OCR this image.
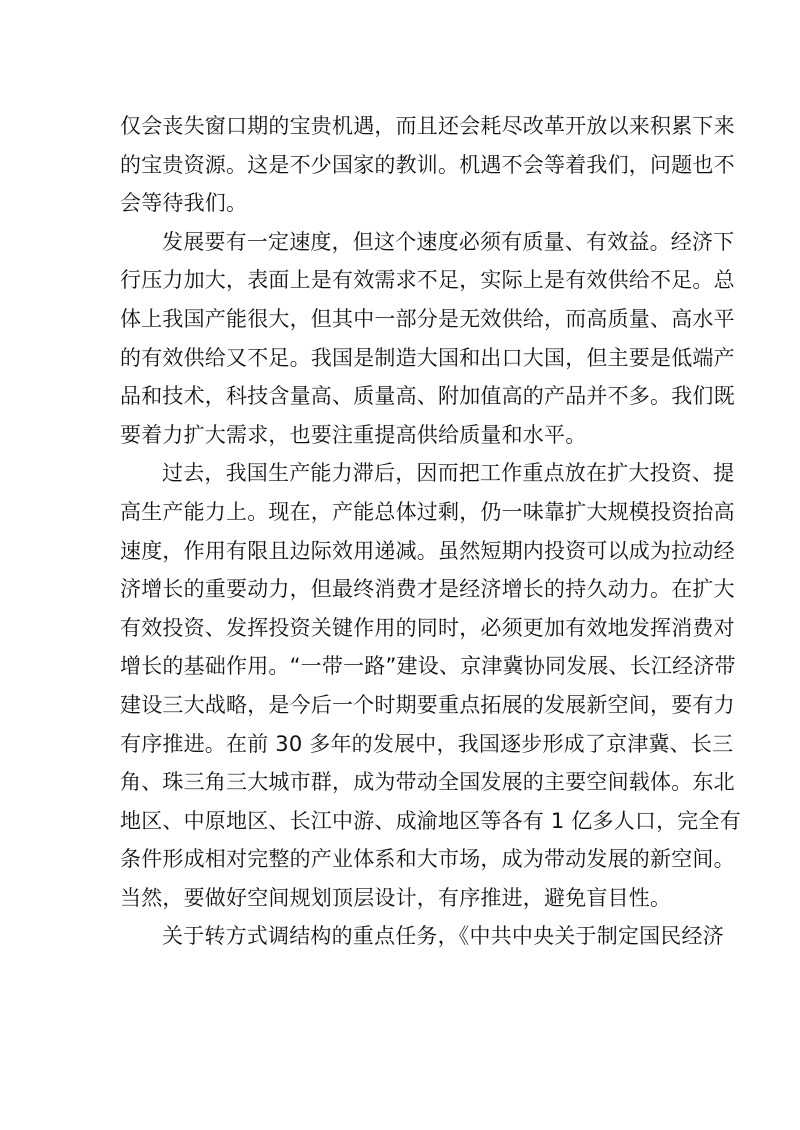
仅会丧失窗口期的宝贵机遇，而且还会耗尽改革开放以来积累下来
的宝贵资源。这是不少国家的教训。机遇不会等着我们，问题也不
会等待我们。
发展要有一定速度，但这个速度必须有质量、有效益。经济下
行压力加大，表面上是有效需求不足，实际上是有效供给不足。总
体上我国产能很大，但其中一部分是无效供给，而高质量、高水平
的有效供给又不足。我国是制造大国和出口大国，但主要是低端产
品和技术，科技含量高、质量高、附加值高的产品并不多。我们既
要着力扩大需求，也要注重提高供给质量和水平。
过去，我国生产能力滞后，因而把工作重点放在扩大投资、提
高生产能力上。现在，产能总体过剩，仍一味靠扩大规模投资抬高
速度，作用有限且边际效用递减。虽然短期内投资可以成为拉动经
济增长的重要动力，但最终消费才是经济增长的持久动力。在扩大
有效投资、发挥投资关键作用的同时，必须更加有效地发挥消费对
增长的基础作用。“一带一路”建设、京津冀协同发展、长江经济带
建设三大战略，是今后一个时期要重点拓展的发展新空间，要有力
有序推进。在前 30 多年的发展中，我国逐步形成了京津冀、长三
角、珠三角三大城市群，成为带动全国发展的主要空间载体。东北
地区、中原地区、长江中游、成渝地区等各有 1 亿多人口，完全有
条件形成相对完整的产业体系和大市场，成为带动发展的新空间。
当然，要做好空间规划顶层设计，有序推进，避免盲目性。
关于转方式调结构的重点任务，《中共中央关于制定国民经济
